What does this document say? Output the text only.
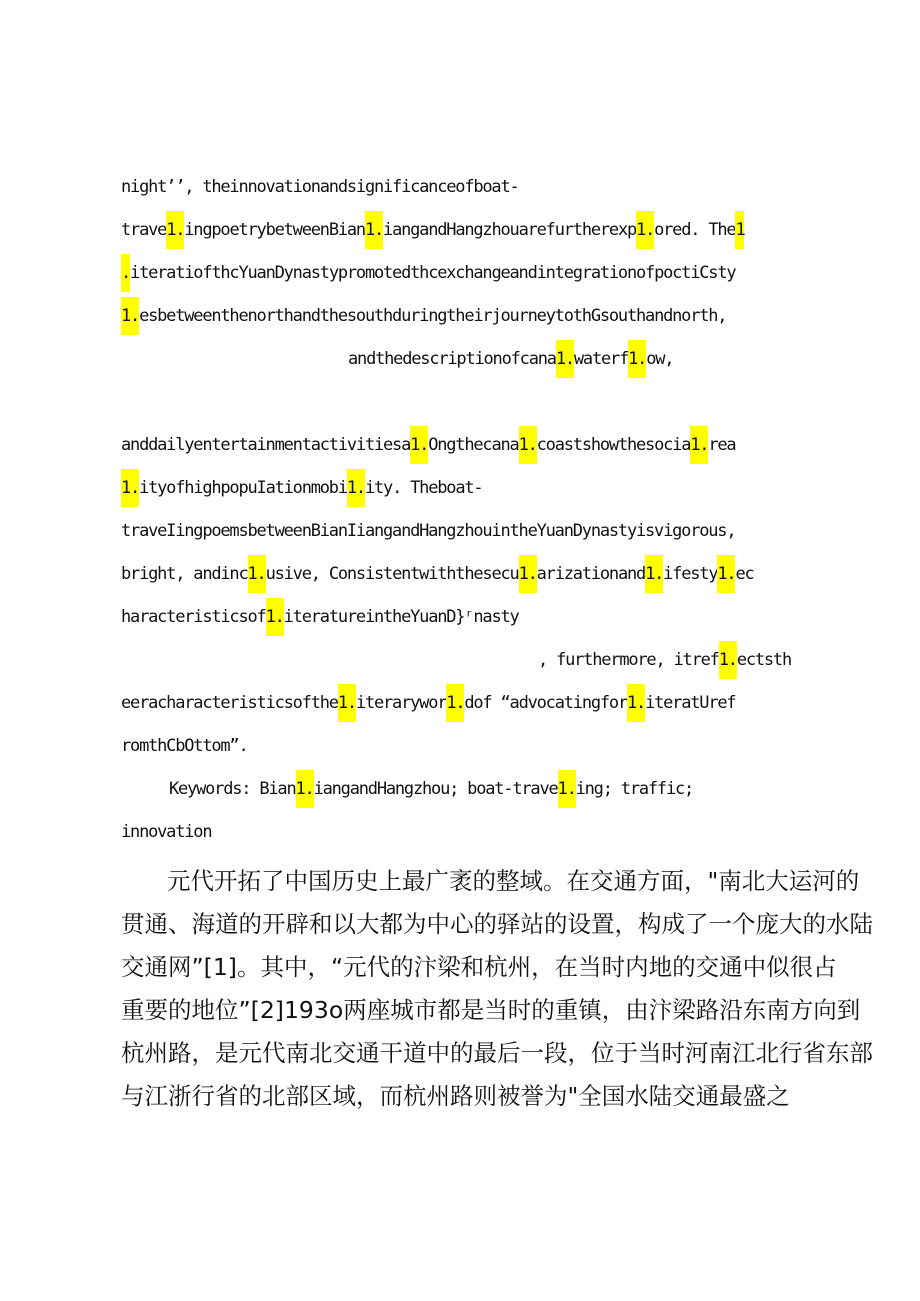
night’’, theinnovationandsignificanceofboat-
trave1.ingpoetrybetweenBian1.iangandHangzhouarefurtherexp1.ored. The1
.iteratiofthcYuanDynastypromotedthcexchangeandintegrationofpoctiCsty
1.esbetweenthenorthandthesouthduringtheirjourneytothGsouthandnorth,
andthedescriptionofcana1.waterf1.ow,
anddailyentertainmentactivitiesa1.Ongthecana1.coastshowthesocia1.rea
1.ityofhighpopuIationmobi1.ity. Theboat-
traveIingpoemsbetweenBianIiangandHangzhouintheYuanDynastyisvigorous,
bright, andinc1.usive, Consistentwiththesecu1.arizationand1.ifesty1.ec
haracteristicsof1.iteratureintheYuanD}ʳnasty
, furthermore, itref1.ectsth
eeracharacteristicsofthe1.iterarywor1.dof “advocatingfor1.iteratUref
romthCbOttom”.
Keywords: Bian1.iangandHangzhou; boat-trave1.ing; traffic;
innovation
元代开拓了中国历史上最广袤的整域。在交通方面，"南北大运河的
贯通、海道的开辟和以大都为中心的驿站的设置，构成了一个庞大的水陆
交通网”[1]。其中，“元代的汴梁和杭州，在当时内地的交通中似很占
重要的地位”[2]193o两座城市都是当时的重镇，由汴梁路沿东南方向到
杭州路，是元代南北交通干道中的最后一段，位于当时河南江北行省东部
与江浙行省的北部区域，而杭州路则被誉为"全国水陆交通最盛之
